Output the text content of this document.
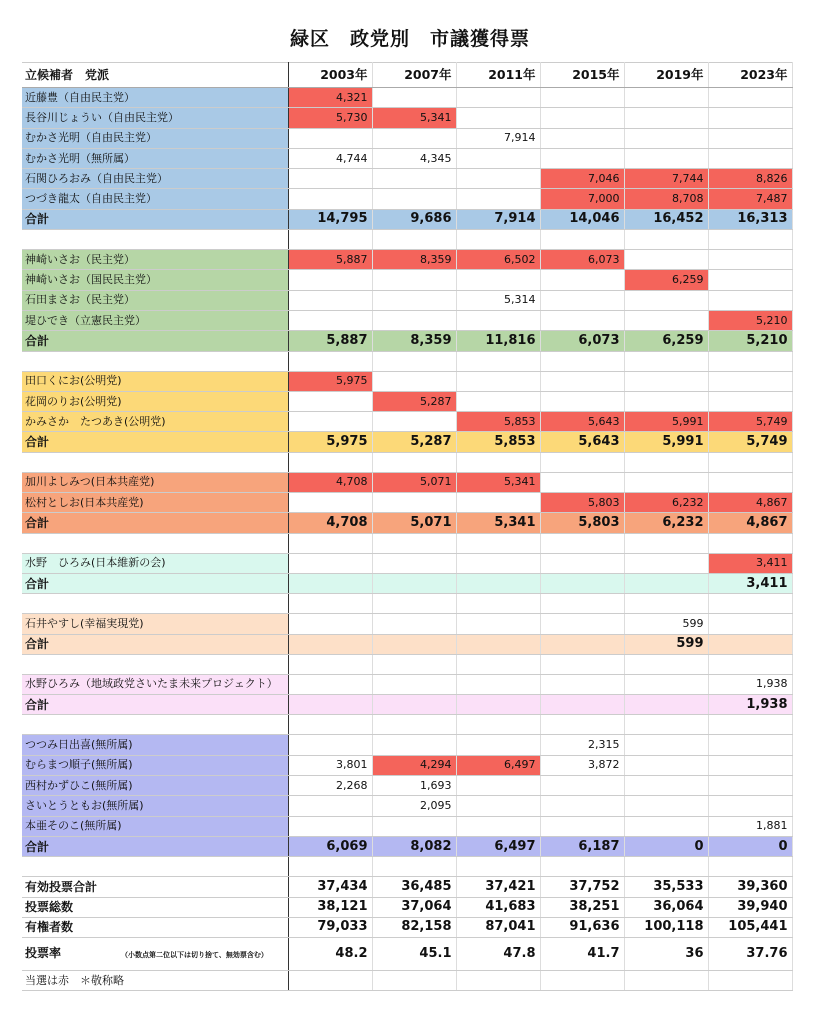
緑区　政党別　市議獲得票
立候補者　党派	2003年	2007年	2011年	2015年	2019年	2023年
近藤豊（自由民主党）	4,321					
長谷川じょうい（自由民主党）	5,730	5,341				
むかさ光明（自由民主党）			7,914			
むかさ光明（無所属）	4,744	4,345				
石関ひろおみ（自由民主党）				7,046	7,744	8,826
つづき龍太（自由民主党）				7,000	8,708	7,487
合計	14,795	9,686	7,914	14,046	16,452	16,313

神崎いさお（民主党）	5,887	8,359	6,502	6,073		
神崎いさお（国民民主党）					6,259	
石田まさお（民主党）			5,314			
堤ひでき（立憲民主党）						5,210
合計	5,887	8,359	11,816	6,073	6,259	5,210

田口くにお(公明党)	5,975					
花岡のりお(公明党)		5,287				
かみさか　たつあき(公明党)			5,853	5,643	5,991	5,749
合計	5,975	5,287	5,853	5,643	5,991	5,749

加川よしみつ(日本共産党)	4,708	5,071	5,341			
松村としお(日本共産党)				5,803	6,232	4,867
合計	4,708	5,071	5,341	5,803	6,232	4,867

水野　ひろみ(日本維新の会)						3,411
合計						3,411

石井やすし(幸福実現党)					599	
合計					599	

水野ひろみ（地域政党さいたま未来プロジェクト）						1,938
合計						1,938

つつみ日出喜(無所属)				2,315		
むらまつ順子(無所属)	3,801	4,294	6,497	3,872		
西村かずひこ(無所属)	2,268	1,693				
さいとうともお(無所属)		2,095				
本亜そのこ(無所属)						1,881
合計	6,069	8,082	6,497	6,187	0	0

有効投票合計	37,434	36,485	37,421	37,752	35,533	39,360
投票総数	38,121	37,064	41,683	38,251	36,064	39,940
有権者数	79,033	82,158	87,041	91,636	100,118	105,441
投票率 （小数点第二位以下は切り捨て、無効票含む）	48.2	45.1	47.8	41.7	36	37.76
当選は赤　＊敬称略						
